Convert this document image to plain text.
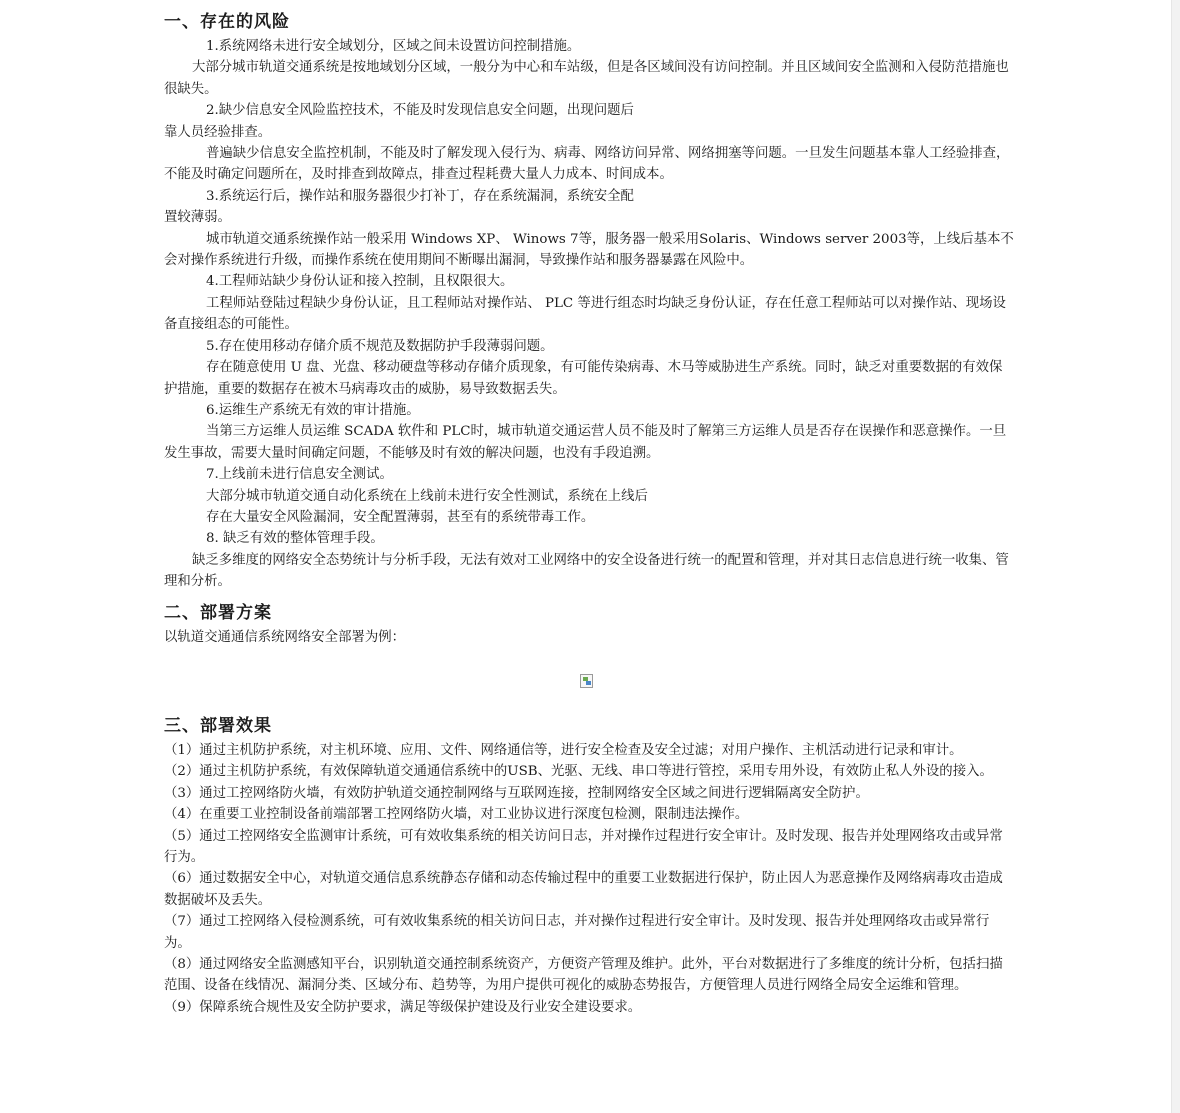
一、存在的风险

1.系统网络未进行安全域划分，区域之间未设置访问控制措施。

大部分城市轨道交通系统是按地域划分区域，一般分为中心和车站级，但是各区域间没有访问控制。并且区域间安全监测和入侵防范措施也很缺失。

2.缺少信息安全风险监控技术，不能及时发现信息安全问题，出现问题后

靠人员经验排查。

普遍缺少信息安全监控机制，不能及时了解发现入侵行为、病毒、网络访问异常、网络拥塞等问题。一旦发生问题基本靠人工经验排查，不能及时确定问题所在，及时排查到故障点，排查过程耗费大量人力成本、时间成本。

3.系统运行后，操作站和服务器很少打补丁，存在系统漏洞，系统安全配

置较薄弱。

城市轨道交通系统操作站一般采用 Windows XP、 Winows 7等，服务器一般采用Solaris、Windows server 2003等，上线后基本不会对操作系统进行升级，而操作系统在使用期间不断曝出漏洞，导致操作站和服务器暴露在风险中。

4.工程师站缺少身份认证和接入控制，且权限很大。

工程师站登陆过程缺少身份认证，且工程师站对操作站、 PLC 等进行组态时均缺乏身份认证，存在任意工程师站可以对操作站、现场设备直接组态的可能性。

5.存在使用移动存储介质不规范及数据防护手段薄弱问题。

存在随意使用 U 盘、光盘、移动硬盘等移动存储介质现象，有可能传染病毒、木马等威胁进生产系统。同时，缺乏对重要数据的有效保护措施，重要的数据存在被木马病毒攻击的威胁，易导致数据丢失。

6.运维生产系统无有效的审计措施。

当第三方运维人员运维 SCADA 软件和 PLC时，城市轨道交通运营人员不能及时了解第三方运维人员是否存在误操作和恶意操作。一旦发生事故，需要大量时间确定问题，不能够及时有效的解决问题，也没有手段追溯。

7.上线前未进行信息安全测试。

大部分城市轨道交通自动化系统在上线前未进行安全性测试，系统在上线后

存在大量安全风险漏洞，安全配置薄弱，甚至有的系统带毒工作。

8. 缺乏有效的整体管理手段。

缺乏多维度的网络安全态势统计与分析手段，无法有效对工业网络中的安全设备进行统一的配置和管理，并对其日志信息进行统一收集、管理和分析。

二、部署方案

以轨道交通通信系统网络安全部署为例：

三、部署效果

（1）通过主机防护系统，对主机环境、应用、文件、网络通信等，进行安全检查及安全过滤；对用户操作、主机活动进行记录和审计。

（2）通过主机防护系统，有效保障轨道交通通信系统中的USB、光驱、无线、串口等进行管控，采用专用外设，有效防止私人外设的接入。

（3）通过工控网络防火墙，有效防护轨道交通控制网络与互联网连接，控制网络安全区域之间进行逻辑隔离安全防护。

（4）在重要工业控制设备前端部署工控网络防火墙，对工业协议进行深度包检测，限制违法操作。

（5）通过工控网络安全监测审计系统，可有效收集系统的相关访问日志，并对操作过程进行安全审计。及时发现、报告并处理网络攻击或异常行为。

（6）通过数据安全中心，对轨道交通信息系统静态存储和动态传输过程中的重要工业数据进行保护，防止因人为恶意操作及网络病毒攻击造成数据破坏及丢失。

（7）通过工控网络入侵检测系统，可有效收集系统的相关访问日志，并对操作过程进行安全审计。及时发现、报告并处理网络攻击或异常行为。

（8）通过网络安全监测感知平台，识别轨道交通控制系统资产，方便资产管理及维护。此外，平台对数据进行了多维度的统计分析，包括扫描范围、设备在线情况、漏洞分类、区域分布、趋势等，为用户提供可视化的威胁态势报告，方便管理人员进行网络全局安全运维和管理。

（9）保障系统合规性及安全防护要求，满足等级保护建设及行业安全建设要求。
